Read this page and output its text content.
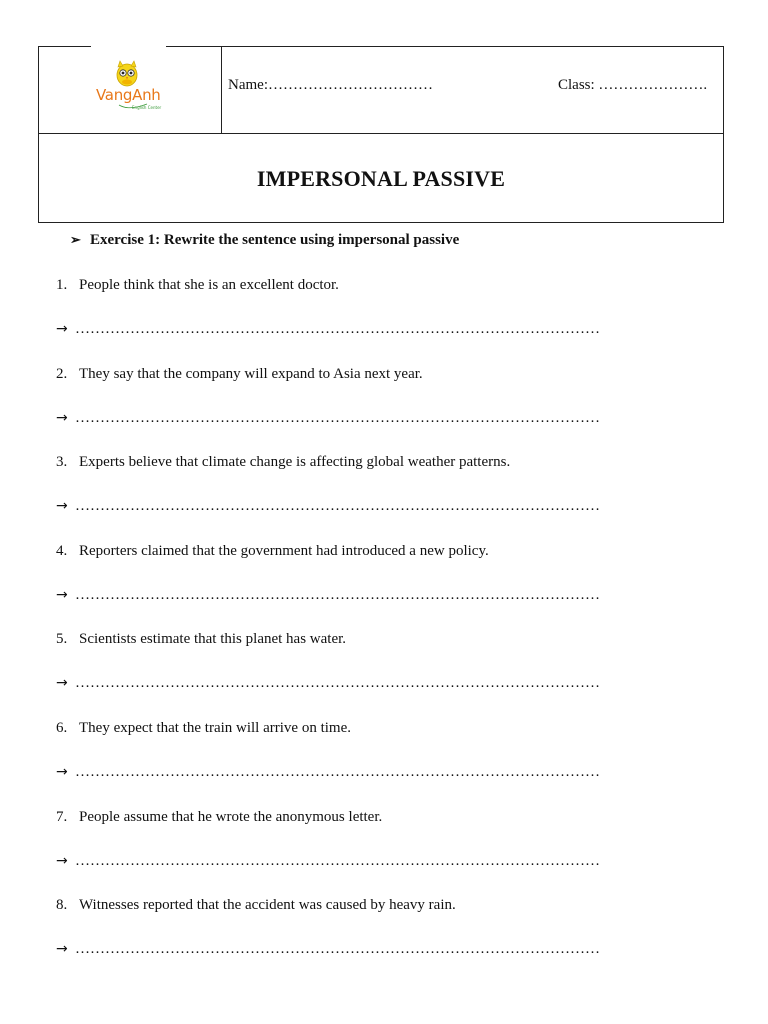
VangAnh
English Center
Name:……………………………	Class: ………………….
IMPERSONAL PASSIVE
➢ Exercise 1: Rewrite the sentence using impersonal passive
1. People think that she is an excellent doctor.
→ ……………………………………………………………………………………………
2. They say that the company will expand to Asia next year.
→ ……………………………………………………………………………………………
3. Experts believe that climate change is affecting global weather patterns.
→ ……………………………………………………………………………………………
4. Reporters claimed that the government had introduced a new policy.
→ ……………………………………………………………………………………………
5. Scientists estimate that this planet has water.
→ ……………………………………………………………………………………………
6. They expect that the train will arrive on time.
→ ……………………………………………………………………………………………
7. People assume that he wrote the anonymous letter.
→ ……………………………………………………………………………………………
8. Witnesses reported that the accident was caused by heavy rain.
→ ……………………………………………………………………………………………
